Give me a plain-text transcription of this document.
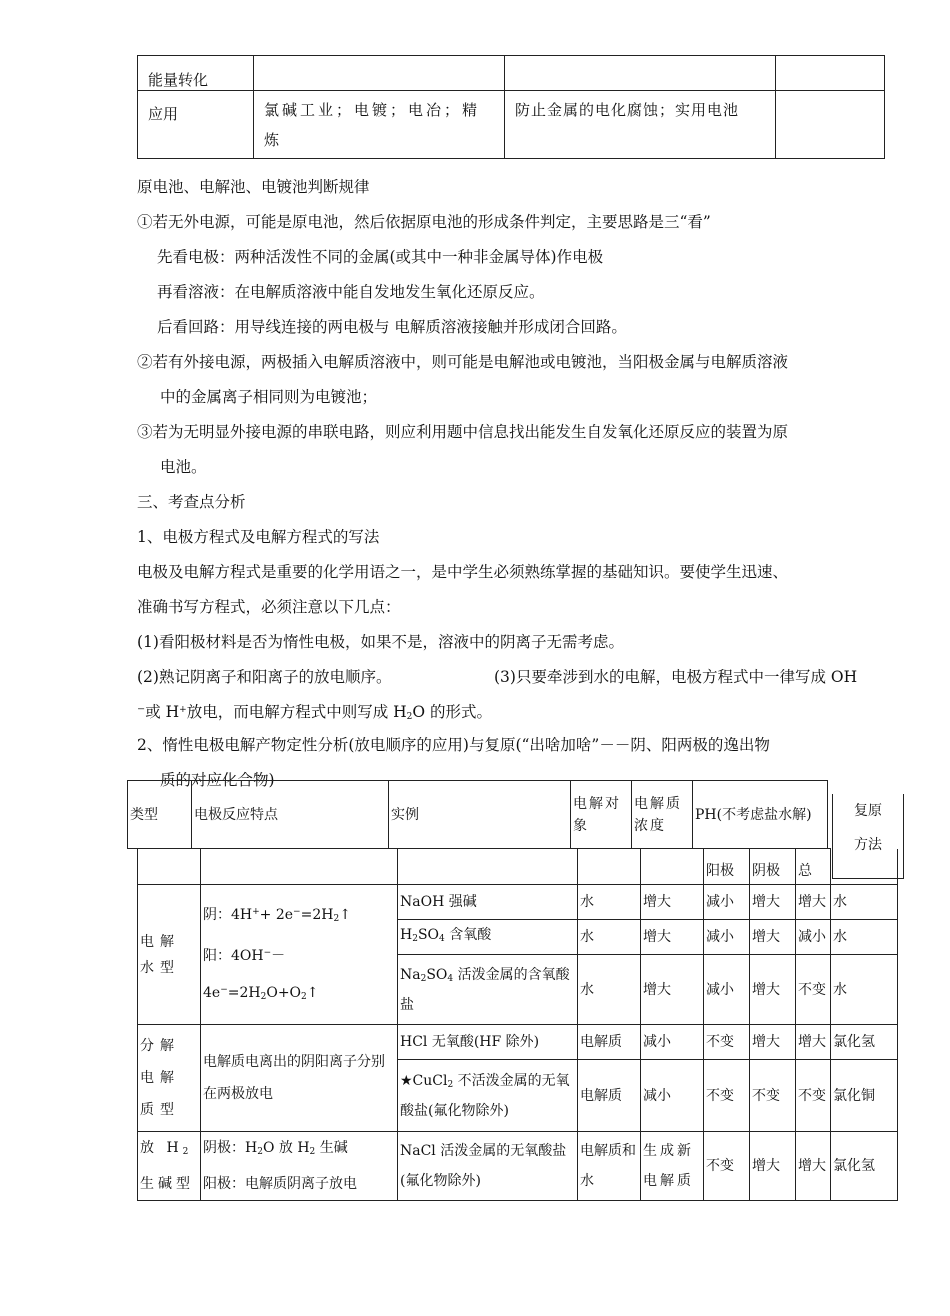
能量转化			
应用	氯碱工业；电镀；电冶；精炼	防止金属的电化腐蚀；实用电池	
原电池、电解池、电镀池判断规律
①若无外电源，可能是原电池，然后依据原电池的形成条件判定，主要思路是三“看”
先看电极：两种活泼性不同的金属(或其中一种非金属导体)作电极
再看溶液：在电解质溶液中能自发地发生氧化还原反应。
后看回路：用导线连接的两电极与 电解质溶液接触并形成闭合回路。
②若有外接电源，两极插入电解质溶液中，则可能是电解池或电镀池，当阳极金属与电解质溶液
中的金属离子相同则为电镀池；
③若为无明显外接电源的串联电路，则应利用题中信息找出能发生自发氧化还原反应的装置为原
电池。
三、考查点分析
1、电极方程式及电解方程式的写法
电极及电解方程式是重要的化学用语之一，是中学生必须熟练掌握的基础知识。要使学生迅速、
准确书写方程式，必须注意以下几点：
(1)看阳极材料是否为惰性电极，如果不是，溶液中的阴离子无需考虑。
(2)熟记阴离子和阳离子的放电顺序。	(3)只要牵涉到水的电解，电极方程式中一律写成 OH
⁻或 H+放电，而电解方程式中则写成 $H_2O$ 的形式。
2、惰性电极电解产物定性分析(放电顺序的应用)与复原(“出啥加啥”－－阴、阳两极的逸出物
质的对应化合物)
类型	电极反应特点	实例	电解对象	电解质浓度	PH(不考虑盐水解)	复原方法
					阳极	阴极	总	
电解水型	阴：$4H^++ 2e^-=2H_2↑$
阳：$4OH^--4e^-=2H_2O+O_2↑$	NaOH 强碱	水	增大	减小	增大	增大	水
		$H_2SO_4$ 含氧酸	水	增大	减小	增大	减小	水
		$Na_2SO_4$ 活泼金属的含氧酸盐	水	增大	减小	增大	不变	水
分解电解质型	电解质电离出的阴阳离子分别在两极放电	HCl 无氧酸(HF 除外)	电解质	减小	不变	增大	增大	氯化氢
		★CuCl$_2$ 不活泼金属的无氧酸盐(氟化物除外)	电解质	减小	不变	不变	不变	氯化铜
放 $H_2$ 生碱型	阴极：$H_2O$ 放 $H_2$ 生碱
阳极：电解质阴离子放电	NaCl 活泼金属的无氧酸盐(氟化物除外)	电解质和水	生成新电解质	不变	增大	增大	氯化氢
